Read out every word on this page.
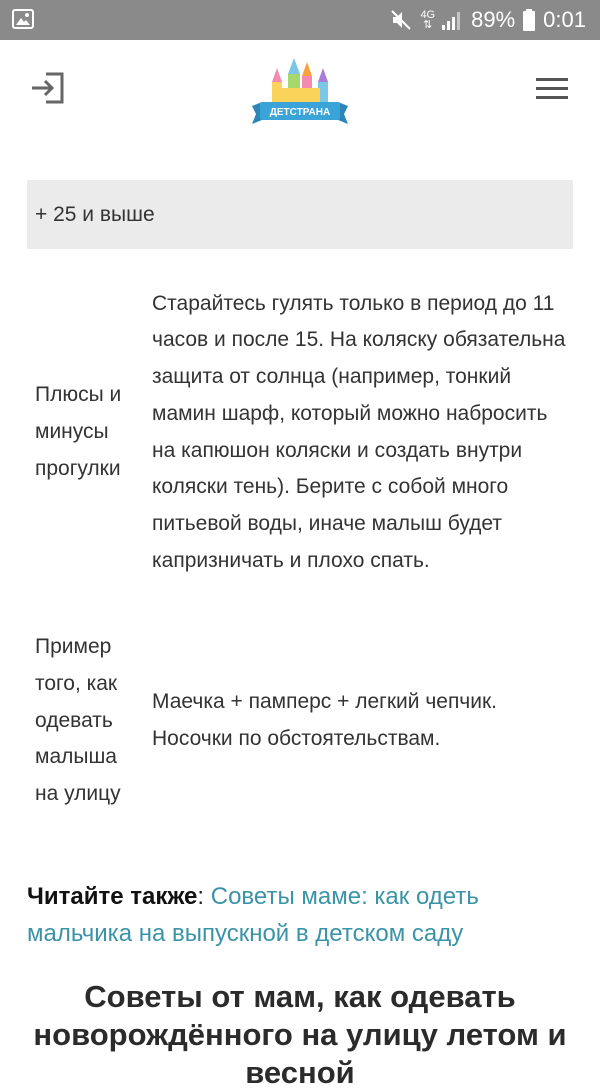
4G
⇅ 89% 0:01
ДЕТСТРАНА
+ 25 и выше
Плюсы и минусы прогулки
Старайтесь гулять только в период до 11 часов и после 15. На коляску обязательна защита от солнца (например, тонкий мамин шарф, который можно набросить на капюшон коляски и создать внутри коляски тень). Берите с собой много питьевой воды, иначе малыш будет капризничать и плохо спать.
Пример того, как одевать малыша на улицу
Маечка + памперс + легкий чепчик. Носочки по обстоятельствам.
Читайте также: Советы маме: как одеть мальчика на выпускной в детском саду
Советы от мам, как одевать новорождённого на улицу летом и весной
